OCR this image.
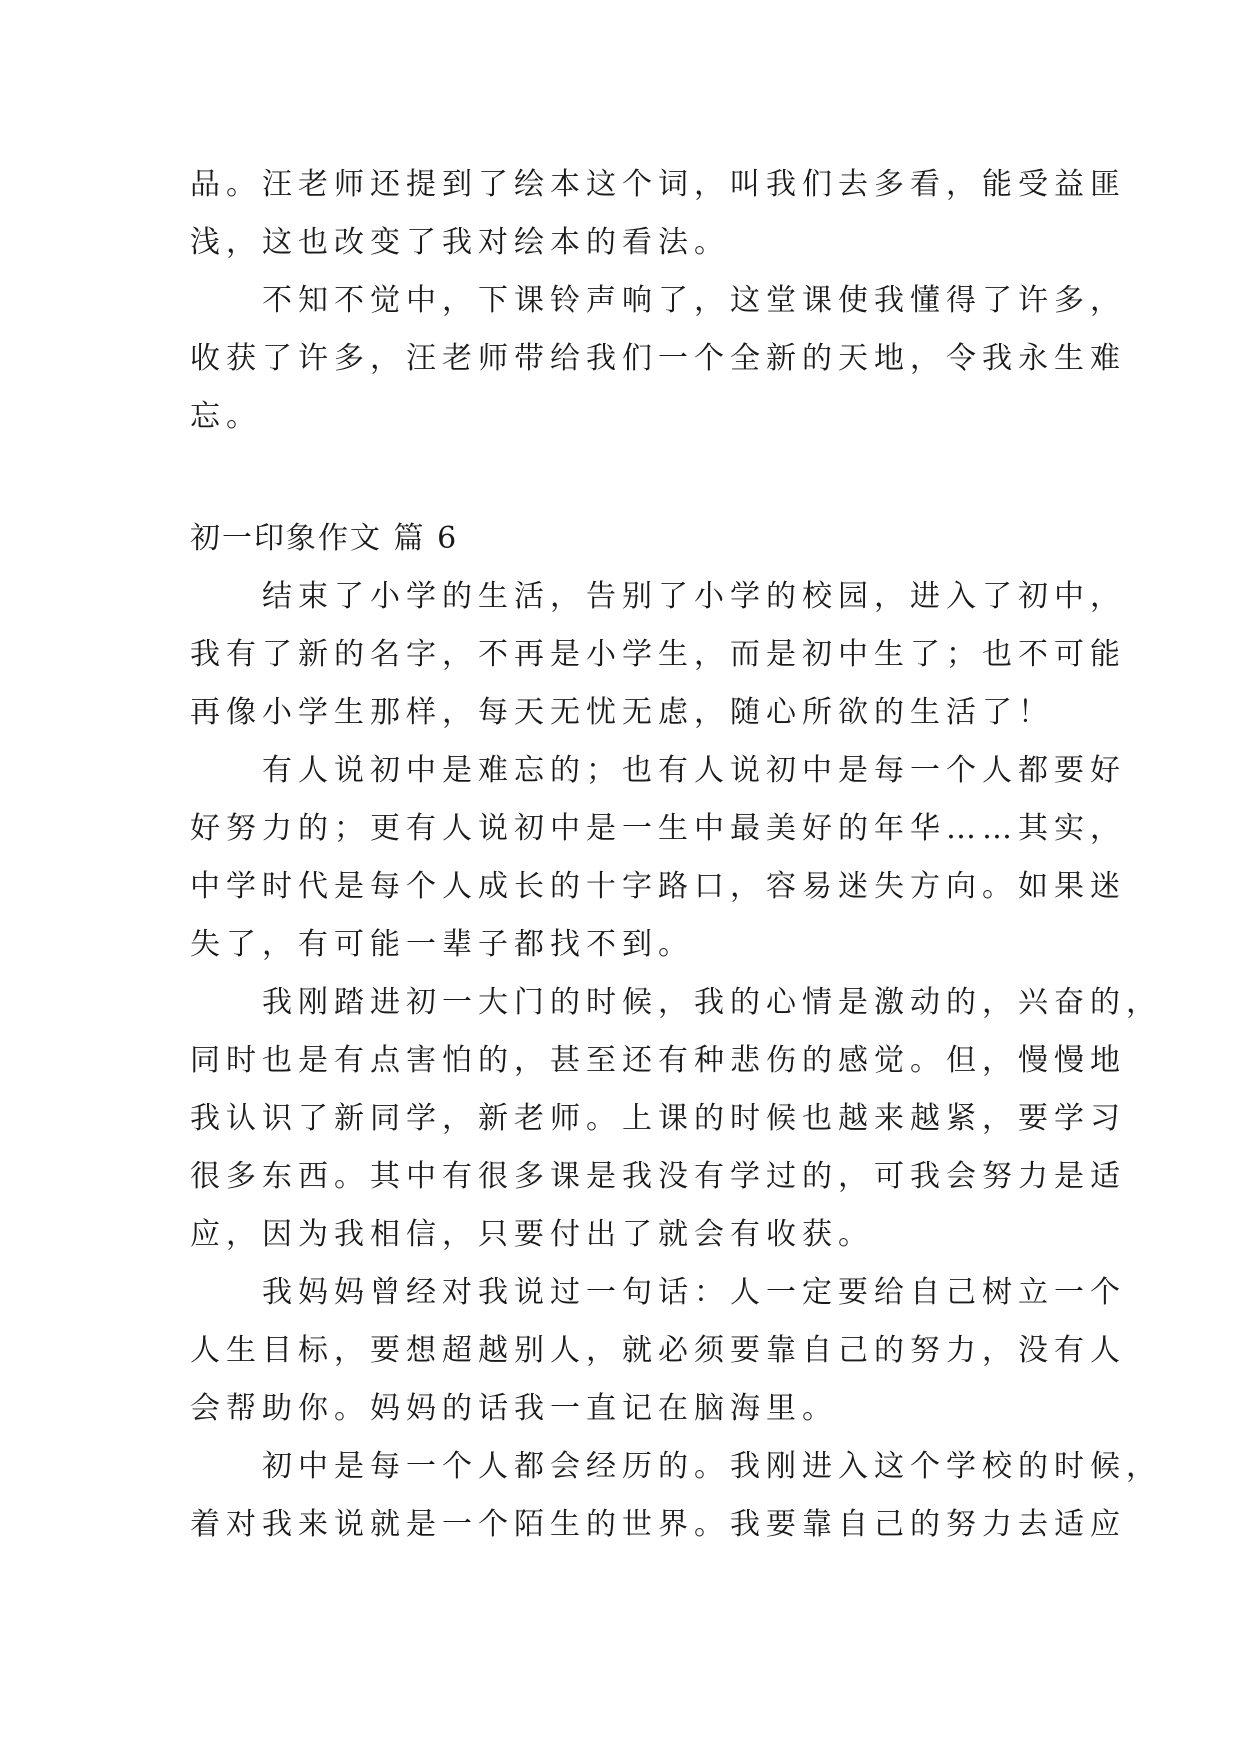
品。汪老师还提到了绘本这个词，叫我们去多看，能受益匪
浅，这也改变了我对绘本的看法。
　　不知不觉中，下课铃声响了，这堂课使我懂得了许多，
收获了许多，汪老师带给我们一个全新的天地，令我永生难
忘。
初一印象作文 篇 6
　　结束了小学的生活，告别了小学的校园，进入了初中，
我有了新的名字，不再是小学生，而是初中生了；也不可能
再像小学生那样，每天无忧无虑，随心所欲的生活了！
　　有人说初中是难忘的；也有人说初中是每一个人都要好
好努力的；更有人说初中是一生中最美好的年华……其实，
中学时代是每个人成长的十字路口，容易迷失方向。如果迷
失了，有可能一辈子都找不到。
　　我刚踏进初一大门的时候，我的心情是激动的，兴奋的，
同时也是有点害怕的，甚至还有种悲伤的感觉。但，慢慢地
我认识了新同学，新老师。上课的时候也越来越紧，要学习
很多东西。其中有很多课是我没有学过的，可我会努力是适
应，因为我相信，只要付出了就会有收获。
　　我妈妈曾经对我说过一句话：人一定要给自己树立一个
人生目标，要想超越别人，就必须要靠自己的努力，没有人
会帮助你。妈妈的话我一直记在脑海里。
　　初中是每一个人都会经历的。我刚进入这个学校的时候，
着对我来说就是一个陌生的世界。我要靠自己的努力去适应
